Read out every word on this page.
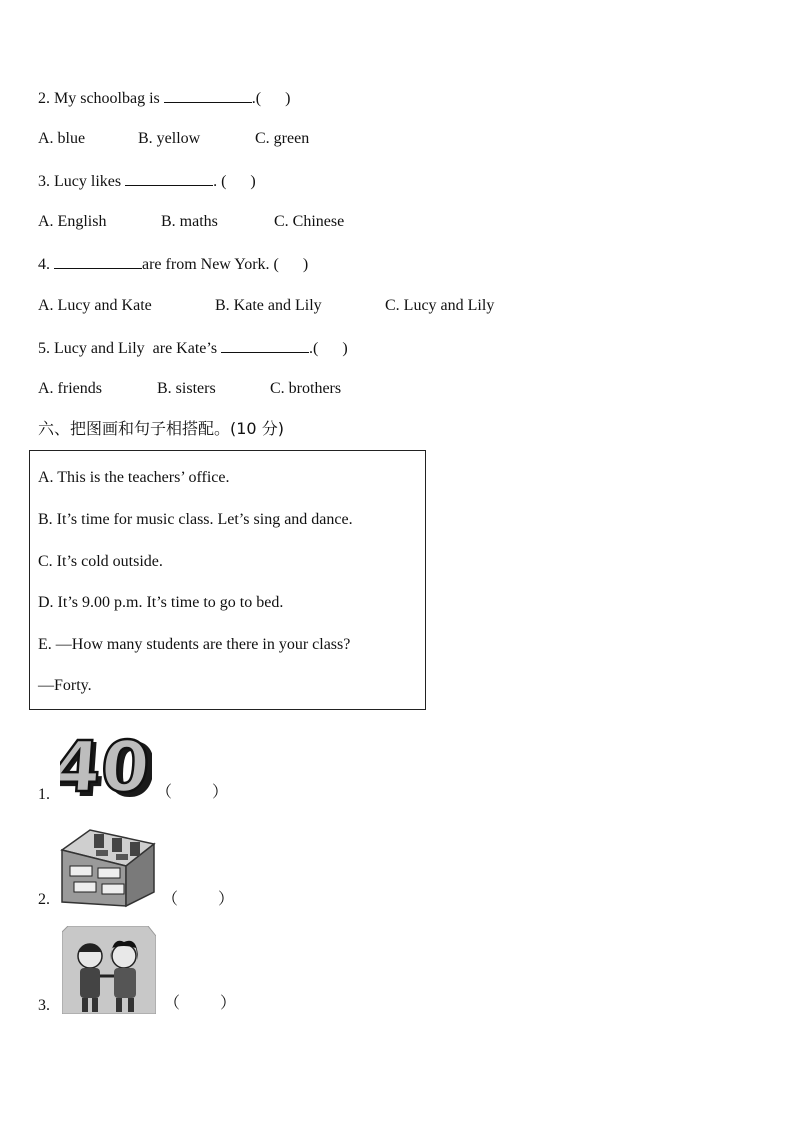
2. My schoolbag is	.(      )
A. blue	B. yellow	C. green
3. Lucy likes	. (      )
A. English	B. maths	C. Chinese
4.	are from New York. (      )
A. Lucy and Kate	B. Kate and Lily	C. Lucy and Lily
5. Lucy and Lily  are Kate’s	.(      )
A. friends	B. sisters	C. brothers
六、把图画和句子相搭配。(10 分)
A. This is the teachers’ office.
B. It’s time for music class. Let’s sing and dance.
C. It’s cold outside.
D. It’s 9.00 p.m. It’s time to go to bed.
E. —How many students are there in your class?
—Forty.
1. 40
40 （          ）
2.	（          ）
3.	（          ）
